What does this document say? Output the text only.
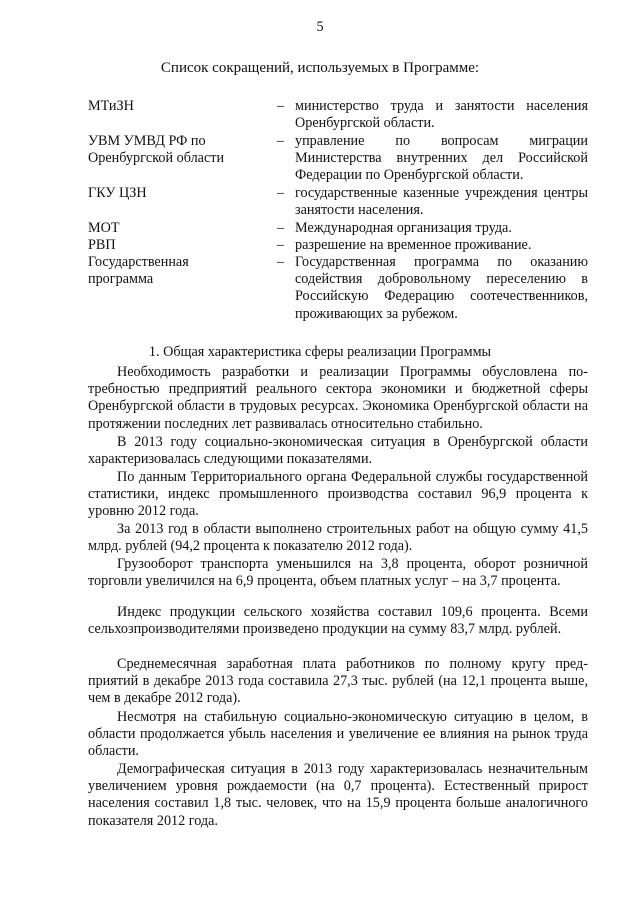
5
Список сокращений, используемых в Программе:
МТиЗН	– министерство труда и занятости населения Оренбургской области.
УВМ УМВД РФ по Оренбургской области
– управление по вопросам миграции Министерства внутренних дел Российской Федерации по Оренбургской области.
ГКУ ЦЗН	– государственные казенные учреждения центры занятости населения.
МОТ	– Международная организация труда.
РВП	– разрешение на временное проживание.
Государственная программа
– Государственная программа по оказанию содействия добровольному переселению в Российскую Федерацию соотечественников, проживающих за рубежом.
1. Общая характеристика сферы реализации Программы

Необходимость разработки и реализации Программы обусловлена потребностью предприятий реального сектора экономики и бюджетной сферы Оренбургской области в трудовых ресурсах. Экономика Оренбургской области на протяжении последних лет развивалась относительно стабильно.

В 2013 году социально-экономическая ситуация в Оренбургской области характеризовалась следующими показателями.

По данным Территориального органа Федеральной службы государственной статистики, индекс промышленного производства составил 96,9 процента к уровню 2012 года.

За 2013 год в области выполнено строительных работ на общую сумму 41,5 млрд. рублей (94,2 процента к показателю 2012 года).

Грузооборот транспорта уменьшился на 3,8 процента, оборот розничной торговли увеличился на 6,9 процента, объем платных услуг – на 3,7 процента.

Индекс продукции сельского хозяйства составил 109,6 процента. Всеми сельхозпроизводителями произведено продукции на сумму 83,7 млрд. рублей.

Среднемесячная заработная плата работников по полному кругу предприятий в декабре 2013 года составила 27,3 тыс. рублей (на 12,1 процента выше, чем в декабре 2012 года).

Несмотря на стабильную социально-экономическую ситуацию в целом, в области продолжается убыль населения и увеличение ее влияния на рынок труда области.

Демографическая ситуация в 2013 году характеризовалась незначительным увеличением уровня рождаемости (на 0,7 процента). Естественный прирост населения составил 1,8 тыс. человек, что на 15,9 процента больше аналогичного показателя 2012 года.
